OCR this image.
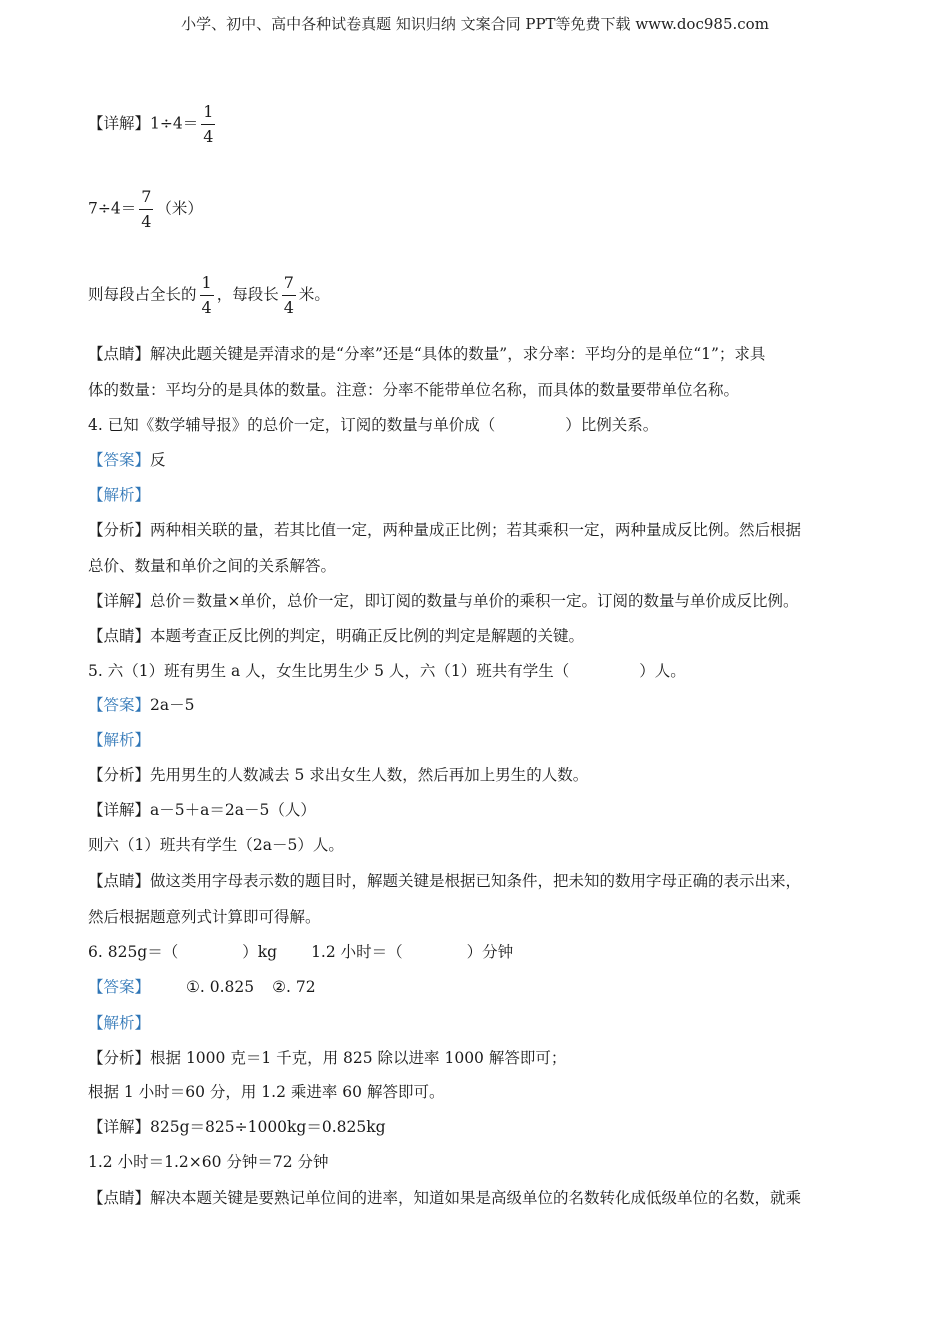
小学、初中、高中各种试卷真题 知识归纳 文案合同 PPT等免费下载 www.doc985.com
【详解】$1\div 4= \frac{1}{4}$
$7\div 4= \frac{7}{4}$ （米）
则每段占全长的 $\frac{1}{4}$ ，每段长 $\frac{7}{4}$ 米。
【点睛】解决此题关键是弄清求的是“分率”还是“具体的数量”，求分率：平均分的是单位“1”；求具
体的数量：平均分的是具体的数量。注意：分率不能带单位名称，而具体的数量要带单位名称。
4. 已知《数学辅导报》的总价一定，订阅的数量与单价成（	）比例关系。
【答案】反
【解析】
【分析】两种相关联的量，若其比值一定，两种量成正比例；若其乘积一定，两种量成反比例。然后根据
总价、数量和单价之间的关系解答。
【详解】总价＝数量×单价，总价一定，即订阅的数量与单价的乘积一定。订阅的数量与单价成反比例。
【点睛】本题考查正反比例的判定，明确正反比例的判定是解题的关键。
5. 六（1）班有男生 a 人，女生比男生少 5 人，六（1）班共有学生（	）人。
【答案】2a－5
【解析】
【分析】先用男生的人数减去 5 求出女生人数，然后再加上男生的人数。
【详解】a－5＋a＝2a－5（人）
则六（1）班共有学生（2a－5）人。
【点睛】做这类用字母表示数的题目时，解题关键是根据已知条件，把未知的数用字母正确的表示出来，
然后根据题意列式计算即可得解。
6. 825g＝（	）kg 1.2 小时＝（	）分钟
【答案】 ①. 0.825 ②. 72
【解析】
【分析】根据 1000 克＝1 千克，用 825 除以进率 1000 解答即可；
根据 1 小时＝60 分，用 1.2 乘进率 60 解答即可。
【详解】825g＝825÷1000kg＝0.825kg
1.2 小时＝1.2×60 分钟＝72 分钟
【点睛】解决本题关键是要熟记单位间的进率，知道如果是高级单位的名数转化成低级单位的名数，就乘
